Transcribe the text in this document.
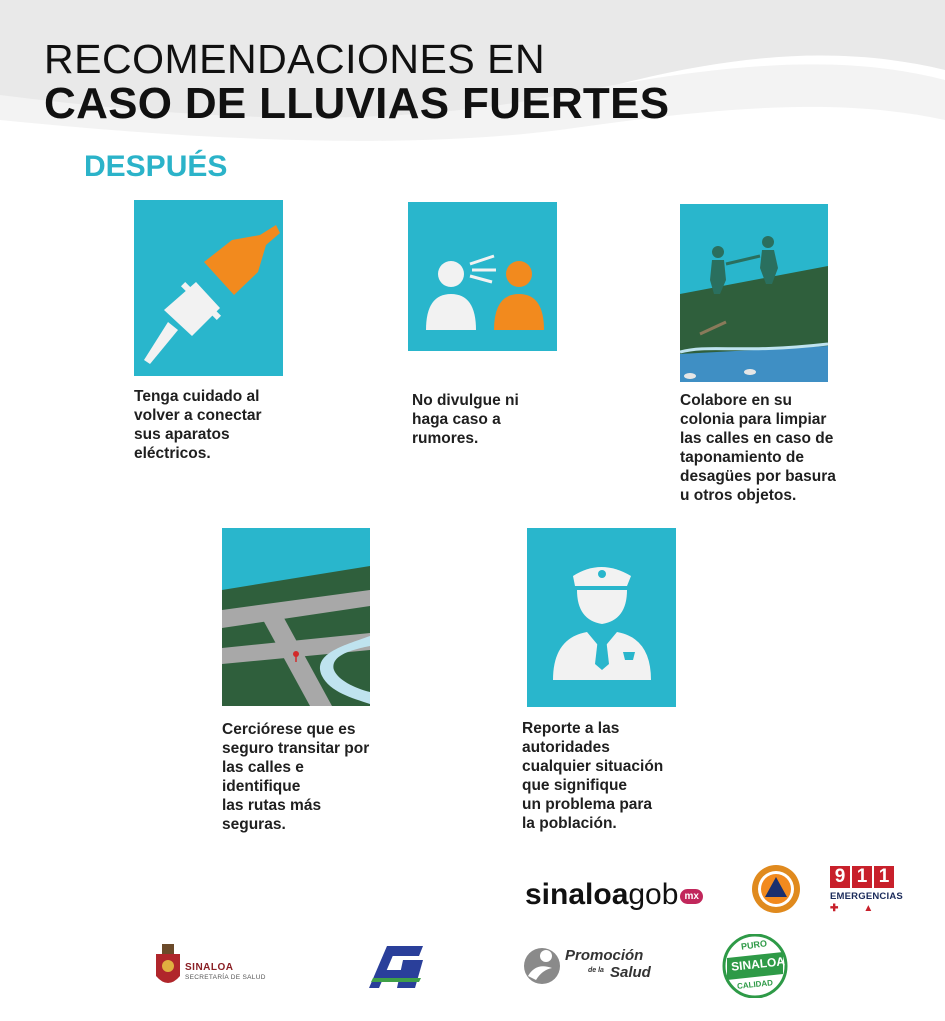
RECOMENDACIONES EN
CASO DE LLUVIAS FUERTES
DESPUÉS
Tenga cuidado al
volver a conectar
sus aparatos
eléctricos.
No divulgue ni
haga caso a
rumores.
Colabore en su
colonia para limpiar
las calles en caso de
taponamiento de
desagües por basura
u otros objetos.
Cerciórese que es
seguro transitar por
las calles e
identifique
las rutas más
seguras.
Reporte a las
autoridades
cualquier situación
que signifique
un problema para
la población.
sinaloagob mx
9 1 1
EMERGENCIAS
✚         ▲
SINALOA
SECRETARÍA DE SALUD
Promoción
de la Salud
PURO
SINALOA
CALIDAD
